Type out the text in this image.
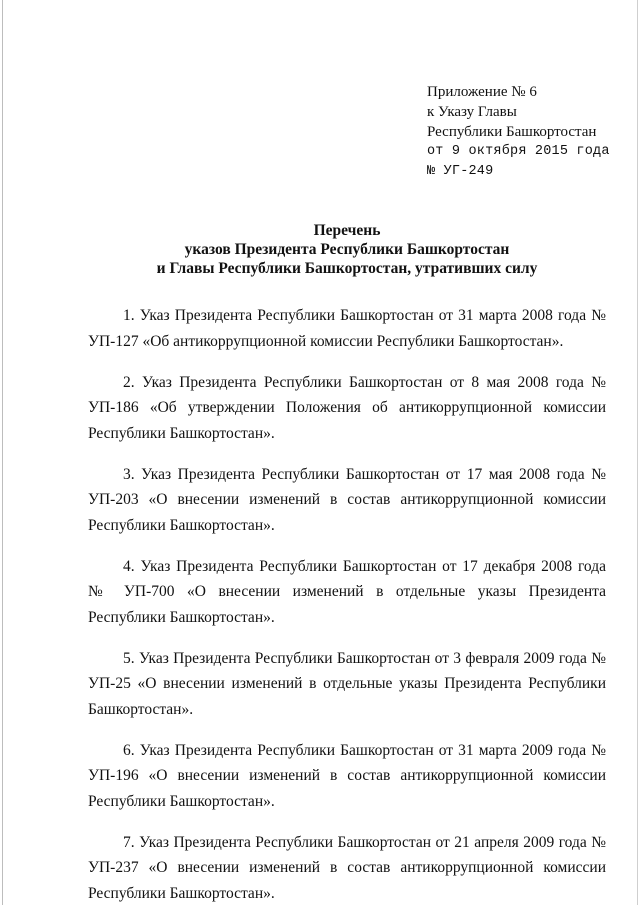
Приложение № 6
к Указу Главы
Республики Башкортостан
от 9 октября 2015 года
№ УГ-249
Перечень
указов Президента Республики Башкортостан
и Главы Республики Башкортостан, утративших силу

1. Указ Президента Республики Башкортостан от 31 марта 2008 года № УП-127 «Об антикоррупционной комиссии Республики Башкортостан».

2. Указ Президента Республики Башкортостан от 8 мая 2008 года № УП-186 «Об утверждении Положения об антикоррупционной комиссии Республики Башкортостан».

3. Указ Президента Республики Башкортостан от 17 мая 2008 года № УП-203 «О внесении изменений в состав антикоррупционной комиссии Республики Башкортостан».

4. Указ Президента Республики Башкортостан от 17 декабря 2008 года № УП-700 «О внесении изменений в отдельные указы Президента Республики Башкортостан».

5. Указ Президента Республики Башкортостан от 3 февраля 2009 года № УП-25 «О внесении изменений в отдельные указы Президента Республики Башкортостан».

6. Указ Президента Республики Башкортостан от 31 марта 2009 года № УП-196 «О внесении изменений в состав антикоррупционной комиссии Республики Башкортостан».

7. Указ Президента Республики Башкортостан от 21 апреля 2009 года № УП-237 «О внесении изменений в состав антикоррупционной комиссии Республики Башкортостан».
